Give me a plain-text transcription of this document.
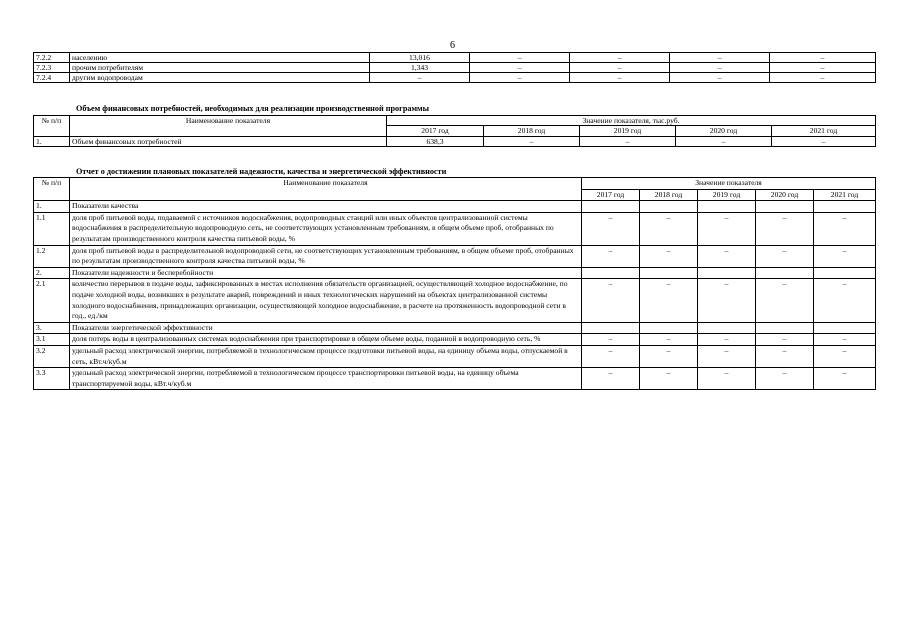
6
7.2.2	населению	13,016	–	–	–	–
7.2.3	прочим потребителям	1,343	–	–	–	–
7.2.4	другим водопроводам	–	–	–	–	–
Объем финансовых потребностей, необходимых для реализации производственной программы
№ п/п	Наименование показателя	Значение показателя, тыс.руб.				
		2017 год	2018 год	2019 год	2020 год	2021 год
1.	Объем финансовых потребностей	638,3	–	–	–	–
Отчет о достижении плановых показателей надежности, качества и энергетической эффективности
№ п/п	Наименование показателя	Значение показателя				
		2017 год	2018 год	2019 год	2020 год	2021 год
1.	Показатели качества					
1.1	доля проб питьевой воды, подаваемой с источников водоснабжения, водопроводных станций или иных объектов централизованной системы водоснабжения в распределительную водопроводную сеть, не соответствующих установленным требованиям, в общем объеме проб, отобранных по результатам производственного контроля качества питьевой воды, %	–	–	–	–	–
1.2	доля проб питьевой воды в распределительной водопроводной сети, не соответствующих установленным требованиям, в общем объеме проб, отобранных по результатам производственного контроля качества питьевой воды, %	–	–	–	–	–
2.	Показатели надежности и бесперебойности					
2.1	количество перерывов в подаче воды, зафиксированных в местах исполнения обязательств организацией, осуществляющей холодное водоснабжение, по подаче холодной воды, возникших в результате аварий, повреждений и иных технологических нарушений на объектах централизованной системы холодного водоснабжения, принадлежащих организации, осуществляющей холодное водоснабжение, в расчете на протяженность водопроводной сети в год., ед./км	–	–	–	–	–
3.	Показатели энергетической эффективности					
3.1	доля потерь воды в централизованных системах водоснабжения при транспортировке в общем объеме воды, поданной в водопроводную сеть, %	–	–	–	–	–
3.2	удельный расход электрической энергии, потребляемой в технологическом процессе подготовки питьевой воды, на единицу объема воды, отпускаемой в сеть, кВт.ч/куб.м	–	–	–	–	–
3.3	удельный расход электрической энергии, потребляемой в технологическом процессе транспортировки питьевой воды, на единицу объема транспортируемой воды, кВт.ч/куб.м	–	–	–	–	–
